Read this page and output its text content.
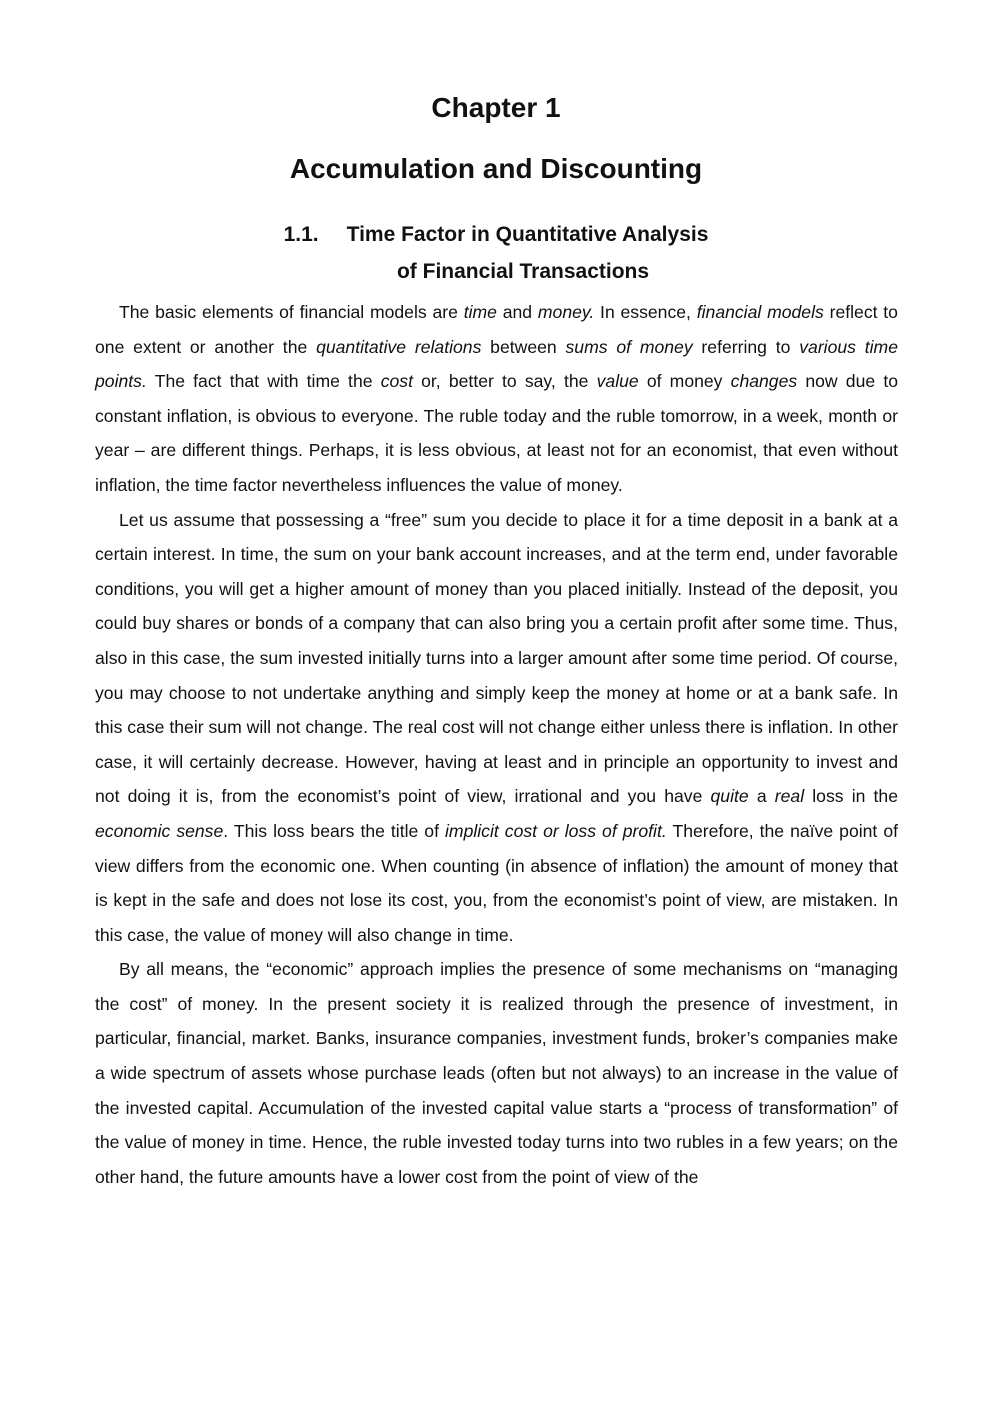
Chapter 1
Accumulation and Discounting
1.1. Time Factor in Quantitative Analysis
of Financial Transactions

The basic elements of financial models are time and money. In essence, financial models reflect to one extent or another the quantitative relations between sums of money referring to various time points. The fact that with time the cost or, better to say, the value of money changes now due to constant inflation, is obvious to everyone. The ruble today and the ruble tomorrow, in a week, month or year – are different things. Perhaps, it is less obvious, at least not for an economist, that even without inflation, the time factor nevertheless influences the value of money.

Let us assume that possessing a “free” sum you decide to place it for a time deposit in a bank at a certain interest. In time, the sum on your bank account increases, and at the term end, under favorable conditions, you will get a higher amount of money than you placed initially. Instead of the deposit, you could buy shares or bonds of a company that can also bring you a certain profit after some time. Thus, also in this case, the sum invested initially turns into a larger amount after some time period. Of course, you may choose to not undertake anything and simply keep the money at home or at a bank safe. In this case their sum will not change. The real cost will not change either unless there is inflation. In other case, it will certainly decrease. However, having at least and in principle an opportunity to invest and not doing it is, from the economist’s point of view, irrational and you have quite a real loss in the economic sense. This loss bears the title of implicit cost or loss of profit. Therefore, the naïve point of view differs from the economic one. When counting (in absence of inflation) the amount of money that is kept in the safe and does not lose its cost, you, from the economist’s point of view, are mistaken. In this case, the value of money will also change in time.

By all means, the “economic” approach implies the presence of some mechanisms on “managing the cost” of money. In the present society it is realized through the presence of investment, in particular, financial, market. Banks, insurance companies, investment funds, broker’s companies make a wide spectrum of assets whose purchase leads (often but not always) to an increase in the value of the invested capital. Accumulation of the invested capital value starts a “process of transformation” of the value of money in time. Hence, the ruble invested today turns into two rubles in a few years; on the other hand, the future amounts have a lower cost from the point of view of the
